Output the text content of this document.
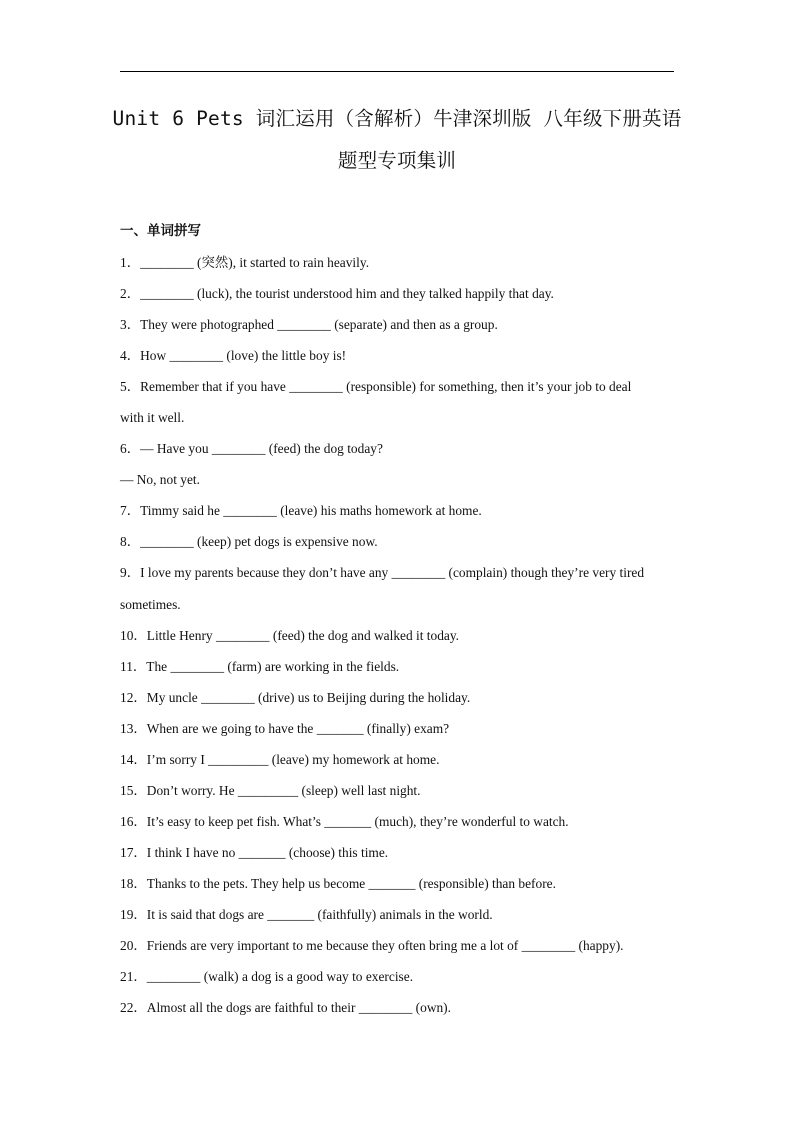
Unit 6 Pets 词汇运用（含解析）牛津深圳版 八年级下册英语题型专项集训
一、单词拼写
1．________ (突然), it started to rain heavily.
2．________ (luck), the tourist understood him and they talked happily that day.
3．They were photographed ________ (separate) and then as a group.
4．How ________ (love) the little boy is!
5．Remember that if you have ________ (responsible) for something, then it’s your job to deal
with it well.
6．— Have you ________ (feed) the dog today?
— No, not yet.
7．Timmy said he ________ (leave) his maths homework at home.
8．________ (keep) pet dogs is expensive now.
9．I love my parents because they don’t have any ________ (complain) though they’re very tired
sometimes.
10．Little Henry ________ (feed) the dog and walked it today.
11．The ________ (farm) are working in the fields.
12．My uncle ________ (drive) us to Beijing during the holiday.
13．When are we going to have the _______ (finally) exam?
14．I’m sorry I _________ (leave) my homework at home.
15．Don’t worry. He _________ (sleep) well last night.
16．It’s easy to keep pet fish. What’s _______ (much), they’re wonderful to watch.
17．I think I have no _______ (choose) this time.
18．Thanks to the pets. They help us become _______ (responsible) than before.
19．It is said that dogs are _______ (faithfully) animals in the world.
20．Friends are very important to me because they often bring me a lot of ________ (happy).
21．________ (walk) a dog is a good way to exercise.
22．Almost all the dogs are faithful to their ________ (own).
